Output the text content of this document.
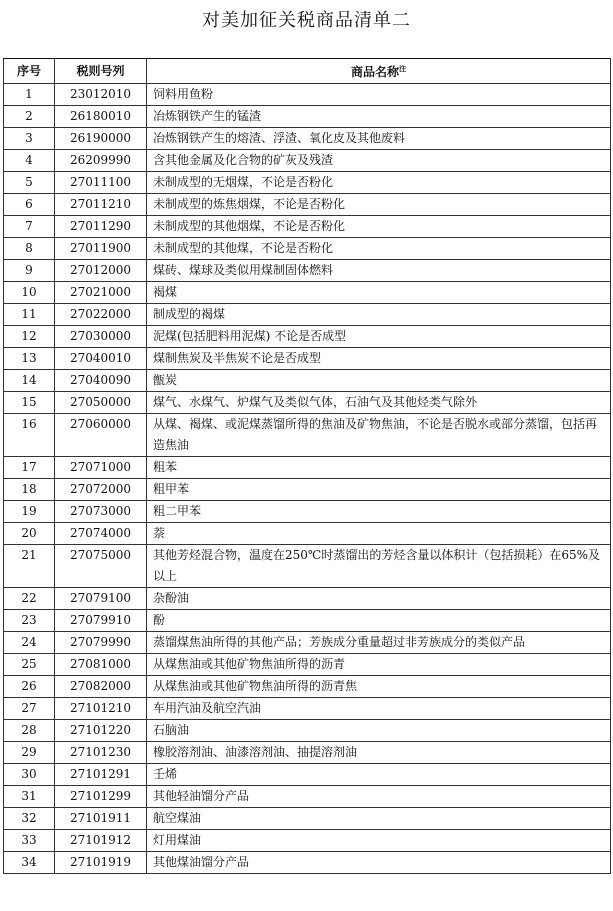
对美加征关税商品清单二
序号	税则号列	商品名称$^注$
1	23012010	饲料用鱼粉
2	26180010	冶炼钢铁产生的锰渣
3	26190000	冶炼钢铁产生的熔渣、浮渣、氧化皮及其他废料
4	26209990	含其他金属及化合物的矿灰及残渣
5	27011100	未制成型的无烟煤，不论是否粉化
6	27011210	未制成型的炼焦烟煤，不论是否粉化
7	27011290	未制成型的其他烟煤，不论是否粉化
8	27011900	未制成型的其他煤，不论是否粉化
9	27012000	煤砖、煤球及类似用煤制固体燃料
10	27021000	褐煤
11	27022000	制成型的褐煤
12	27030000	泥煤(包括肥料用泥煤) 不论是否成型
13	27040010	煤制焦炭及半焦炭不论是否成型
14	27040090	甑炭
15	27050000	煤气、水煤气、炉煤气及类似气体，石油气及其他烃类气除外
16	27060000	从煤、褐煤、或泥煤蒸馏所得的焦油及矿物焦油，不论是否脱水或部分蒸馏，包括再造焦油
17	27071000	粗苯
18	27072000	粗甲苯
19	27073000	粗二甲苯
20	27074000	萘
21	27075000	其他芳烃混合物，温度在250℃时蒸馏出的芳烃含量以体积计（包括损耗）在65%及以上
22	27079100	杂酚油
23	27079910	酚
24	27079990	蒸馏煤焦油所得的其他产品；芳族成分重量超过非芳族成分的类似产品
25	27081000	从煤焦油或其他矿物焦油所得的沥青
26	27082000	从煤焦油或其他矿物焦油所得的沥青焦
27	27101210	车用汽油及航空汽油
28	27101220	石脑油
29	27101230	橡胶溶剂油、油漆溶剂油、抽提溶剂油
30	27101291	壬烯
31	27101299	其他轻油馏分产品
32	27101911	航空煤油
33	27101912	灯用煤油
34	27101919	其他煤油馏分产品
